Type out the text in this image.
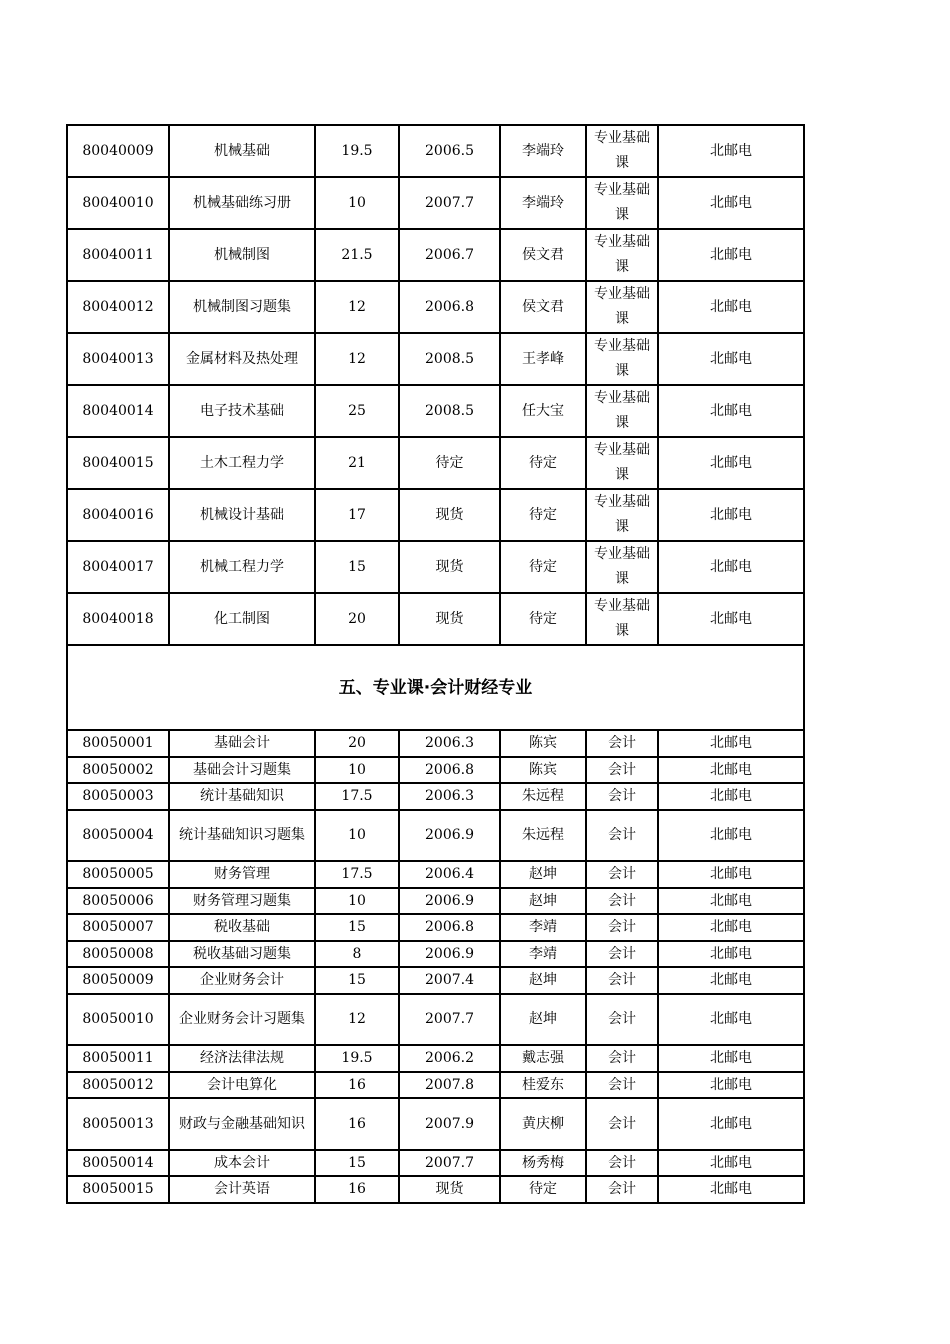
80040009	机械基础	19.5	2006.5	李端玲	专业基础课	北邮电
80040010	机械基础练习册	10	2007.7	李端玲	专业基础课	北邮电
80040011	机械制图	21.5	2006.7	侯文君	专业基础课	北邮电
80040012	机械制图习题集	12	2006.8	侯文君	专业基础课	北邮电
80040013	金属材料及热处理	12	2008.5	王孝峰	专业基础课	北邮电
80040014	电子技术基础	25	2008.5	任大宝	专业基础课	北邮电
80040015	土木工程力学	21	待定	待定	专业基础课	北邮电
80040016	机械设计基础	17	现货	待定	专业基础课	北邮电
80040017	机械工程力学	15	现货	待定	专业基础课	北邮电
80040018	化工制图	20	现货	待定	专业基础课	北邮电
五、专业课·会计财经专业
80050001	基础会计	20	2006.3	陈宾	会计	北邮电
80050002	基础会计习题集	10	2006.8	陈宾	会计	北邮电
80050003	统计基础知识	17.5	2006.3	朱远程	会计	北邮电
80050004	统计基础知识习题集	10	2006.9	朱远程	会计	北邮电
80050005	财务管理	17.5	2006.4	赵坤	会计	北邮电
80050006	财务管理习题集	10	2006.9	赵坤	会计	北邮电
80050007	税收基础	15	2006.8	李靖	会计	北邮电
80050008	税收基础习题集	8	2006.9	李靖	会计	北邮电
80050009	企业财务会计	15	2007.4	赵坤	会计	北邮电
80050010	企业财务会计习题集	12	2007.7	赵坤	会计	北邮电
80050011	经济法律法规	19.5	2006.2	戴志强	会计	北邮电
80050012	会计电算化	16	2007.8	桂爱东	会计	北邮电
80050013	财政与金融基础知识	16	2007.9	黄庆柳	会计	北邮电
80050014	成本会计	15	2007.7	杨秀梅	会计	北邮电
80050015	会计英语	16	现货	待定	会计	北邮电
